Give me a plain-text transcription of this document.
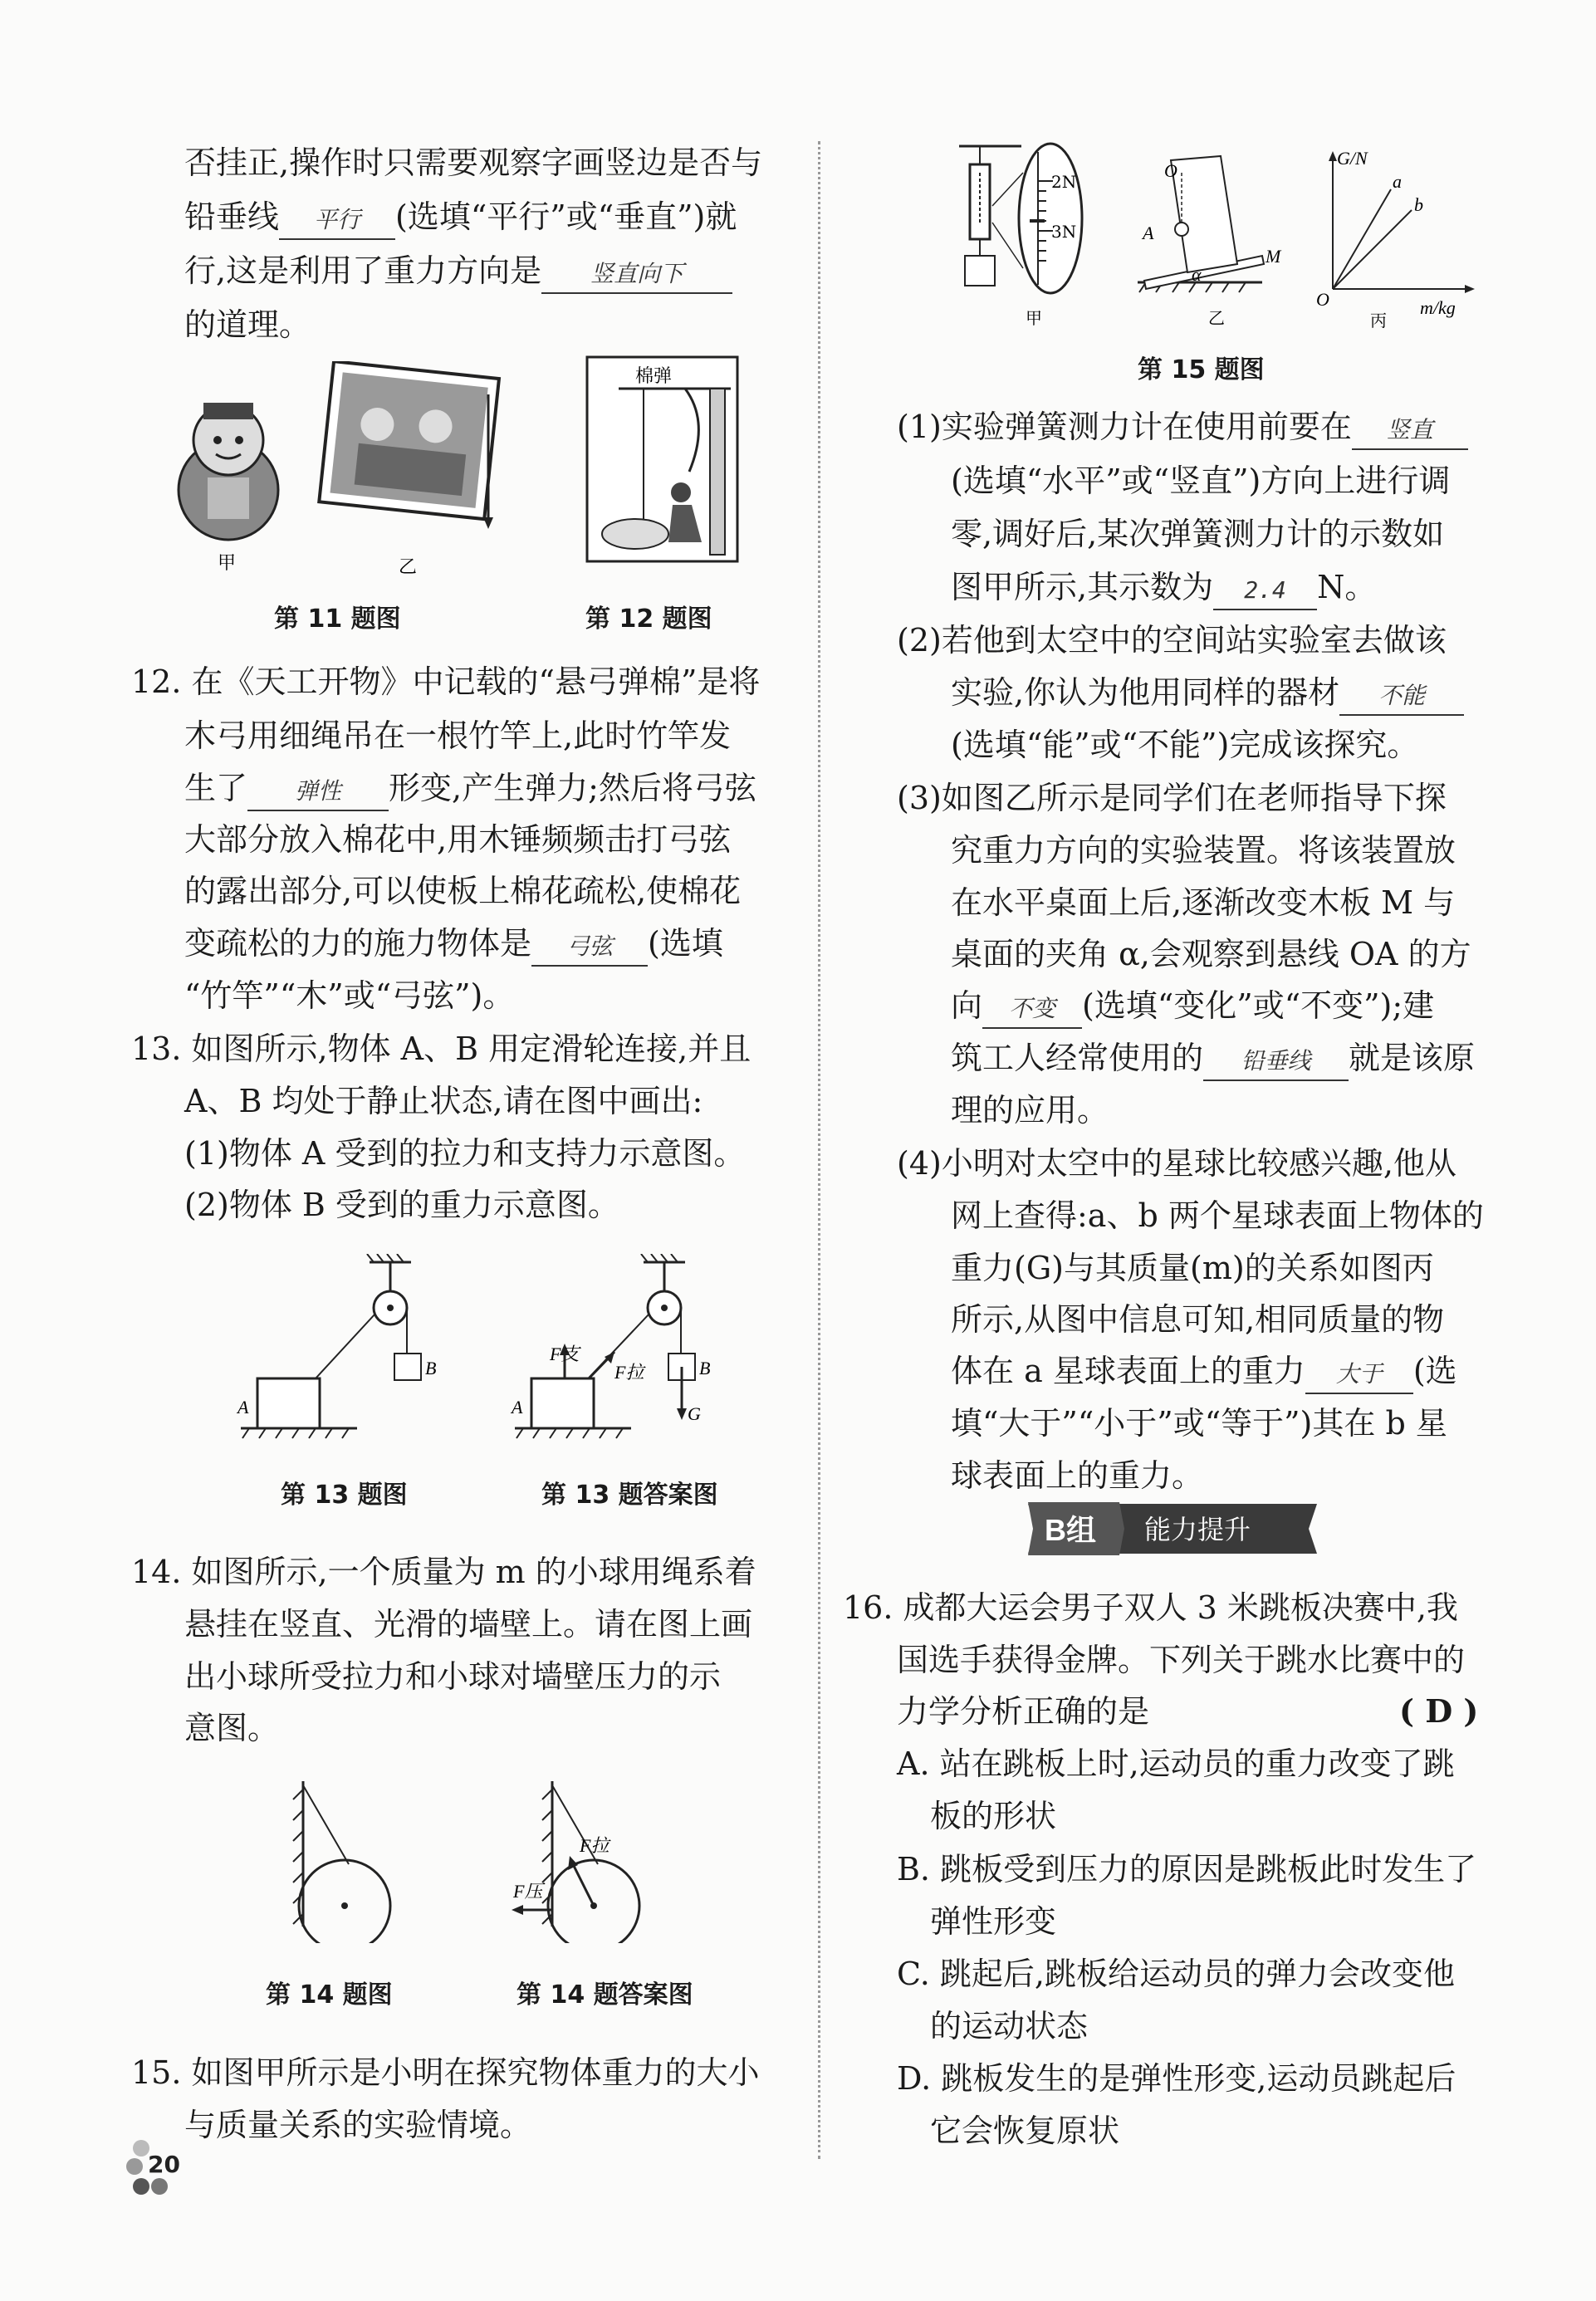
否挂正,操作时只需要观察字画竖边是否与
铅垂线 平行 (选填“平行”或“垂直”)就
行,这是利用了重力方向是 竖直向下
的道理。
甲	乙
第 11 题图
棉弹
第 12 题图
12. 在《天工开物》中记载的“悬弓弹棉”是将
木弓用细绳吊在一根竹竿上,此时竹竿发
生了 弹性 形变,产生弹力;然后将弓弦
大部分放入棉花中,用木锤频频击打弓弦
的露出部分,可以使板上棉花疏松,使棉花
变疏松的力的施力物体是 弓弦 (选填
“竹竿”“木”或“弓弦”)。
13. 如图所示,物体 A、B 用定滑轮连接,并且
A、B 均处于静止状态,请在图中画出:
(1)物体 A 受到的拉力和支持力示意图。
(2)物体 B 受到的重力示意图。
B
A
F支
F拉
G
B
A
第 13 题图	第 13 题答案图
14. 如图所示,一个质量为 m 的小球用绳系着
悬挂在竖直、光滑的墙壁上。请在图上画
出小球所受拉力和小球对墙壁压力的示
意图。
F拉
F压
第 14 题图	第 14 题答案图
15. 如图甲所示是小明在探究物体重力的大小
与质量关系的实验情境。
2N
3N
甲
O
A
M
α
乙
G/N
m/kg
a
b
O
丙
第 15 题图
(1)实验弹簧测力计在使用前要在 竖直
(选填“水平”或“竖直”)方向上进行调
零,调好后,某次弹簧测力计的示数如
图甲所示,其示数为 2.4 N。
(2)若他到太空中的空间站实验室去做该
实验,你认为他用同样的器材 不能
(选填“能”或“不能”)完成该探究。
(3)如图乙所示是同学们在老师指导下探
究重力方向的实验装置。将该装置放
在水平桌面上后,逐渐改变木板 M 与
桌面的夹角 α,会观察到悬线 OA 的方
向 不变 (选填“变化”或“不变”);建
筑工人经常使用的 铅垂线 就是该原
理的应用。
(4)小明对太空中的星球比较感兴趣,他从
网上查得:a、b 两个星球表面上物体的
重力(G)与其质量(m)的关系如图丙
所示,从图中信息可知,相同质量的物
体在 a 星球表面上的重力 大于 (选
填“大于”“小于”或“等于”)其在 b 星
球表面上的重力。
B组 能力提升
16. 成都大运会男子双人 3 米跳板决赛中,我
国选手获得金牌。下列关于跳水比赛中的
力学分析正确的是	( D )
A. 站在跳板上时,运动员的重力改变了跳
板的形状
B. 跳板受到压力的原因是跳板此时发生了
弹性形变
C. 跳起后,跳板给运动员的弹力会改变他
的运动状态
D. 跳板发生的是弹性形变,运动员跳起后
它会恢复原状
20
